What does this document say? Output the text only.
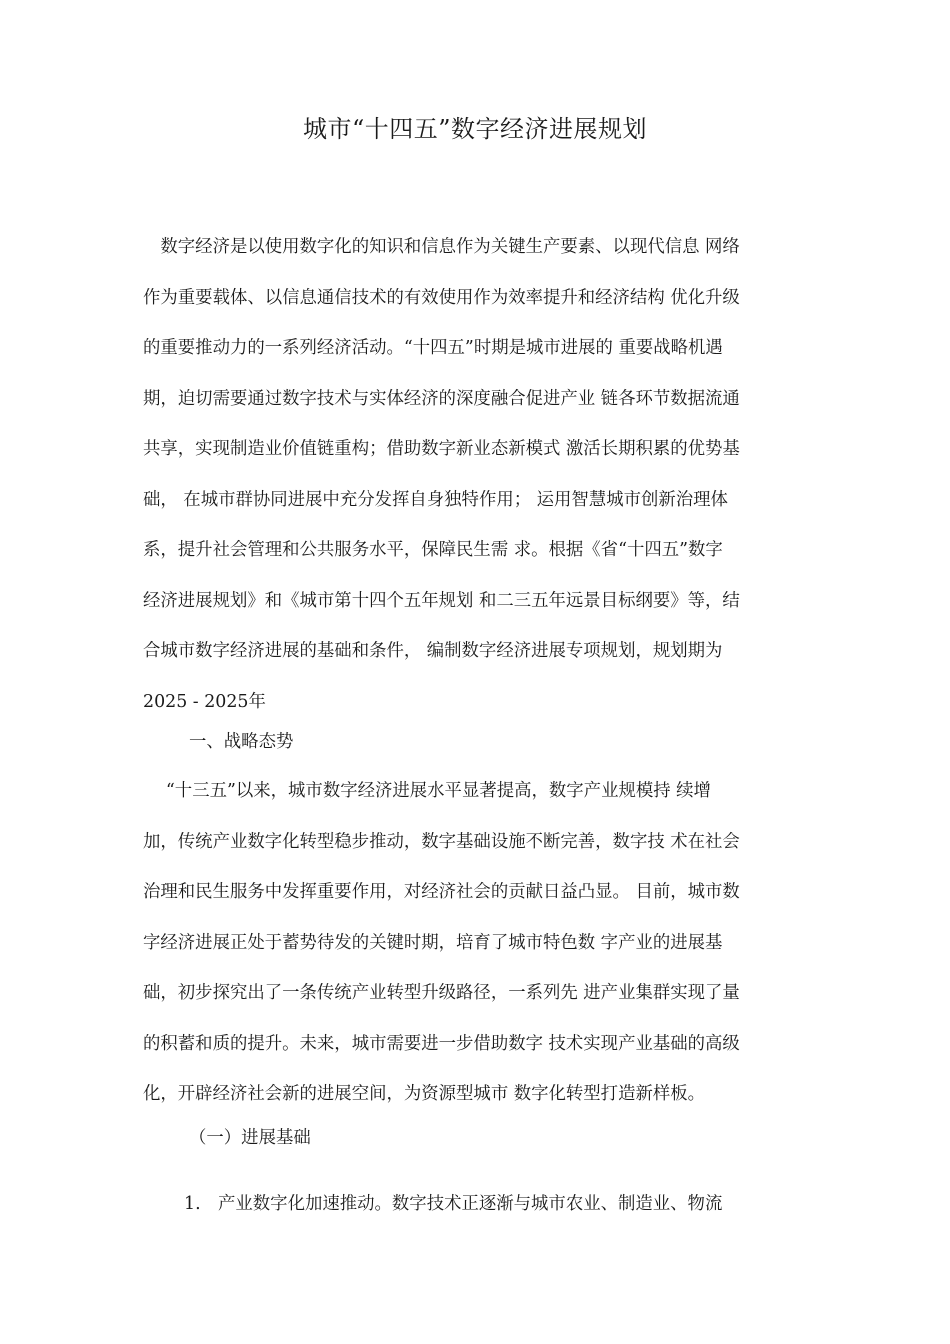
城市“十四五”数字经济进展规划
　数字经济是以使用数字化的知识和信息作为关键生产要素、以现代信息 网络
作为重要载体、以信息通信技术的有效使用作为效率提升和经济结构 优化升级
的重要推动力的一系列经济活动。“十四五”时期是城市进展的 重要战略机遇
期，迫切需要通过数字技术与实体经济的深度融合促进产业 链各环节数据流通
共享，实现制造业价值链重构；借助数字新业态新模式 激活长期积累的优势基
础， 在城市群协同进展中充分发挥自身独特作用； 运用智慧城市创新治理体
系，提升社会管理和公共服务水平，保障民生需 求。根据《省“十四五”数字
经济进展规划》和《城市第十四个五年规划 和二三五年远景目标纲要》等，结
合城市数字经济进展的基础和条件， 编制数字经济进展专项规划，规划期为
2025 - 2025年
一、战略态势
　 “十三五”以来，城市数字经济进展水平显著提高，数字产业规模持 续增
加，传统产业数字化转型稳步推动，数字基础设施不断完善，数字技 术在社会
治理和民生服务中发挥重要作用，对经济社会的贡献日益凸显。 目前，城市数
字经济进展正处于蓄势待发的关键时期，培育了城市特色数 字产业的进展基
础，初步探究出了一条传统产业转型升级路径，一系列先 进产业集群实现了量
的积蓄和质的提升。未来，城市需要进一步借助数字 技术实现产业基础的高级
化，开辟经济社会新的进展空间，为资源型城市 数字化转型打造新样板。
（一）进展基础

1. 产业数字化加速推动。数字技术正逐渐与城市农业、制造业、物流
